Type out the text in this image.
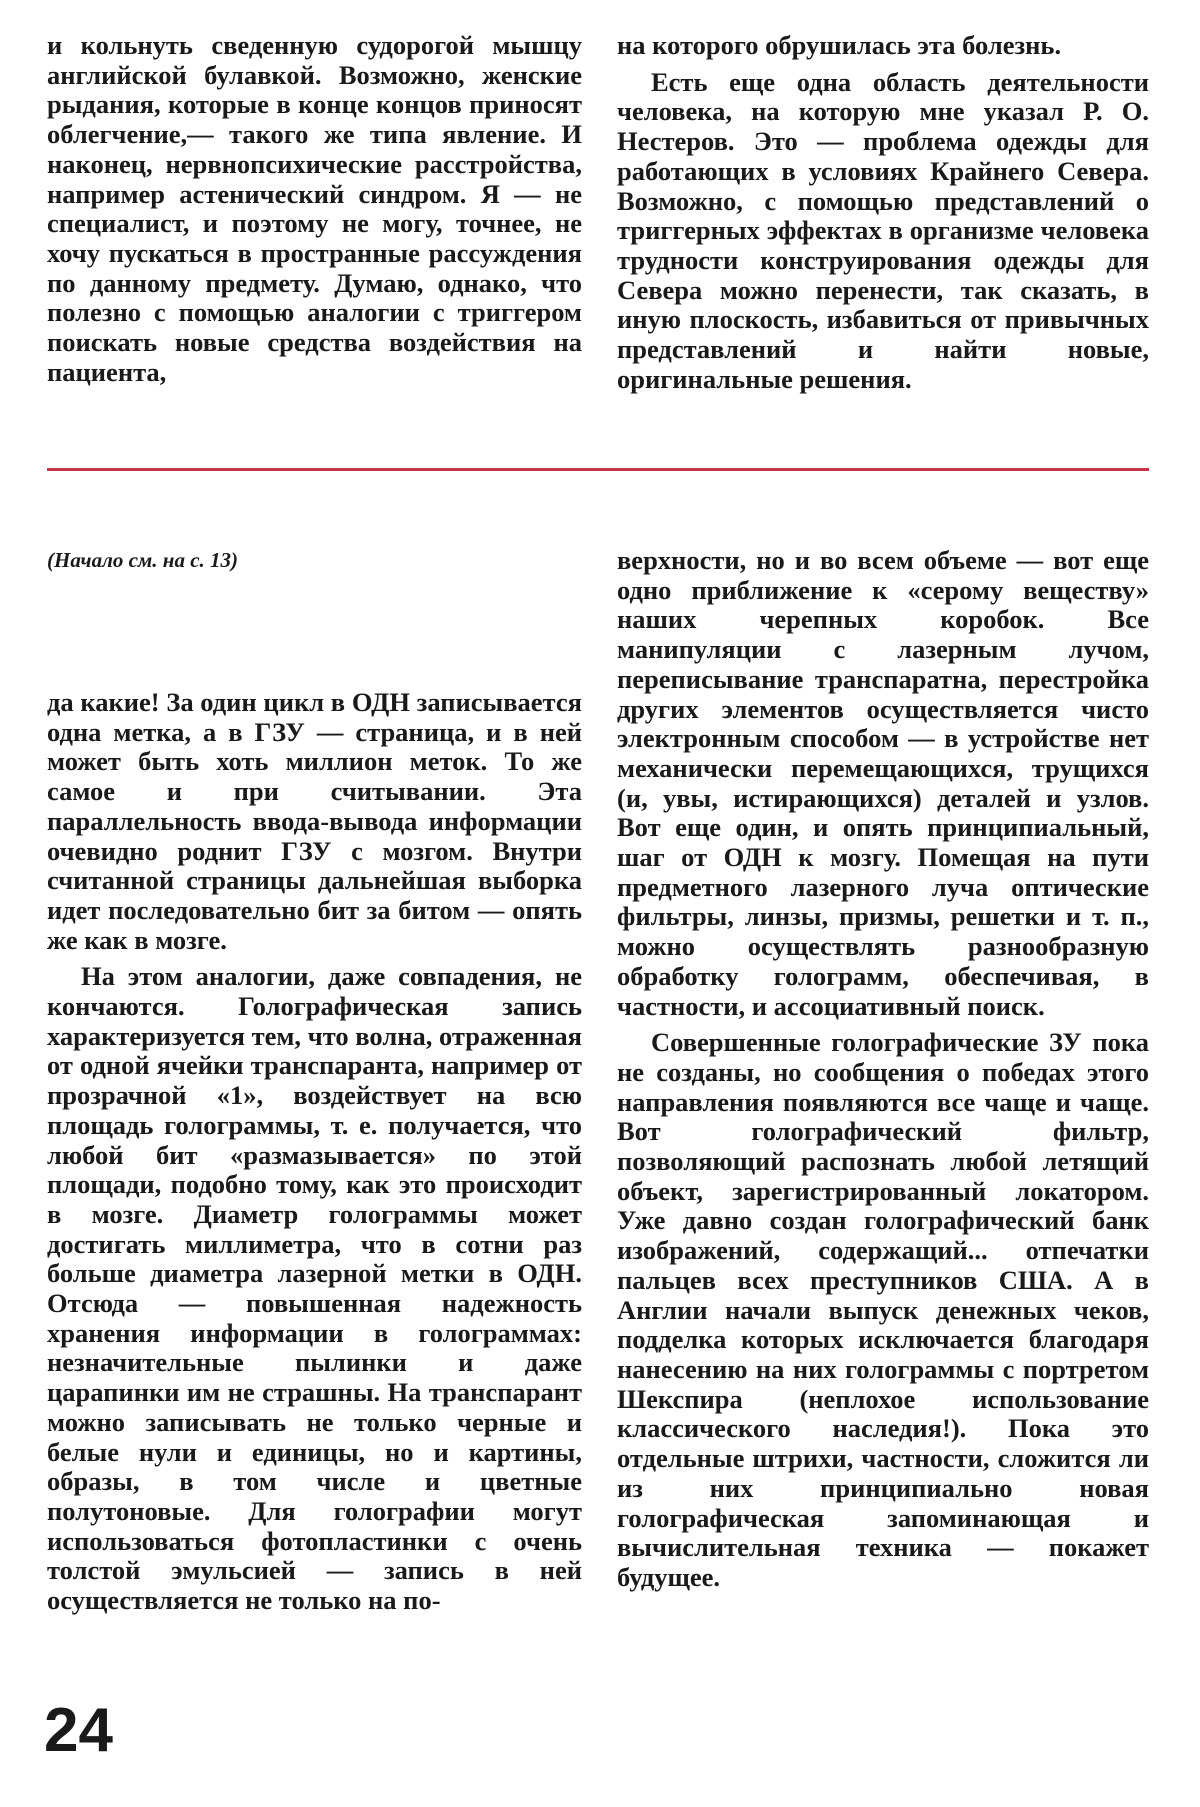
и кольнуть сведенную судорогой мышцу английской булавкой. Возможно, женские рыдания, которые в конце концов приносят облегчение,— такого же типа явление. И наконец, нервнопсихические расстройства, например астенический синдром. Я — не специалист, и поэтому не могу, точнее, не хочу пускаться в пространные рассуждения по данному предмету. Думаю, однако, что полезно с помощью аналогии с триггером поискать новые средства воздействия на пациента,

на которого обрушилась эта болезнь.

Есть еще одна область деятельности человека, на которую мне указал Р. О. Нестеров. Это — проблема одежды для работающих в условиях Крайнего Севера. Возможно, с помощью представлений о триггерных эффектах в организме человека трудности конструирования одежды для Севера можно перенести, так сказать, в иную плоскость, избавиться от привычных представлений и найти новые, оригинальные решения.

(Начало см. на с. 13)

да какие! За один цикл в ОДН записывается одна метка, а в ГЗУ — страница, и в ней может быть хоть миллион меток. То же самое и при считывании. Эта параллельность ввода-вывода информации очевидно роднит ГЗУ с мозгом. Внутри считанной страницы дальнейшая выборка идет последовательно бит за битом — опять же как в мозге.

На этом аналогии, даже совпадения, не кончаются. Голографическая запись характеризуется тем, что волна, отраженная от одной ячейки транспаранта, например от прозрачной «1», воздействует на всю площадь голограммы, т. е. получается, что любой бит «размазывается» по этой площади, подобно тому, как это происходит в мозге. Диаметр голограммы может достигать миллиметра, что в сотни раз больше диаметра лазерной метки в ОДН. Отсюда — повышенная надежность хранения информации в голограммах: незначительные пылинки и даже царапинки им не страшны. На транспарант можно записывать не только черные и белые нули и единицы, но и картины, образы, в том числе и цветные полутоновые. Для голографии могут использоваться фотопластинки с очень толстой эмульсией — запись в ней осуществляется не только на по-

верхности, но и во всем объеме — вот еще одно приближение к «серому веществу» наших черепных коробок. Все манипуляции с лазерным лучом, переписывание транспаратна, перестройка других элементов осуществляется чисто электронным способом — в устройстве нет механически перемещающихся, трущихся (и, увы, истирающихся) деталей и узлов. Вот еще один, и опять принципиальный, шаг от ОДН к мозгу. Помещая на пути предметного лазерного луча оптические фильтры, линзы, призмы, решетки и т. п., можно осуществлять разнообразную обработку голограмм, обеспечивая, в частности, и ассоциативный поиск.

Совершенные голографические ЗУ пока не созданы, но сообщения о победах этого направления появляются все чаще и чаще. Вот голографический фильтр, позволяющий распознать любой летящий объект, зарегистрированный локатором. Уже давно создан голографический банк изображений, содержащий... отпечатки пальцев всех преступников США. А в Англии начали выпуск денежных чеков, подделка которых исключается благодаря нанесению на них голограммы с портретом Шекспира (неплохое использование классического наследия!). Пока это отдельные штрихи, частности, сложится ли из них принципиально новая голографическая запоминающая и вычислительная техника — покажет будущее.

24
